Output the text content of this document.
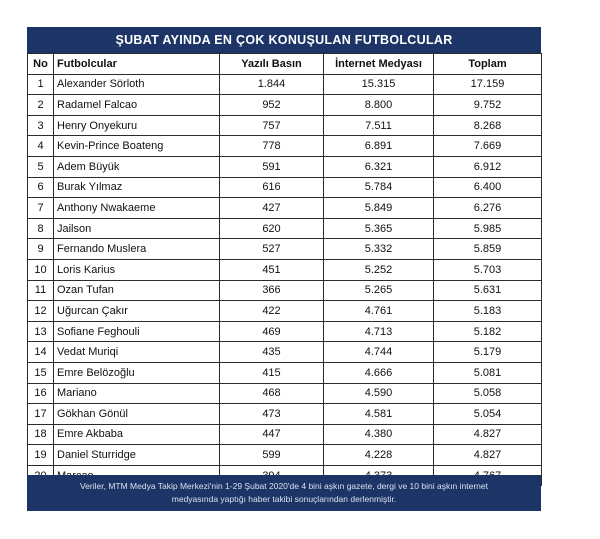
ŞUBAT AYINDA EN ÇOK KONUŞULAN FUTBOLCULAR
No	Futbolcular	Yazılı Basın	İnternet Medyası	Toplam
1	Alexander Sörloth	1.844	15.315	17.159
2	Radamel Falcao	952	8.800	9.752
3	Henry Onyekuru	757	7.511	8.268
4	Kevin-Prince Boateng	778	6.891	7.669
5	Adem Büyük	591	6.321	6.912
6	Burak Yılmaz	616	5.784	6.400
7	Anthony Nwakaeme	427	5.849	6.276
8	Jailson	620	5.365	5.985
9	Fernando Muslera	527	5.332	5.859
10	Loris Karius	451	5.252	5.703
11	Ozan Tufan	366	5.265	5.631
12	Uğurcan Çakır	422	4.761	5.183
13	Sofiane Feghouli	469	4.713	5.182
14	Vedat Muriqi	435	4.744	5.179
15	Emre Belözoğlu	415	4.666	5.081
16	Mariano	468	4.590	5.058
17	Gökhan Gönül	473	4.581	5.054
18	Emre Akbaba	447	4.380	4.827
19	Daniel Sturridge	599	4.228	4.827

Veriler, MTM Medya Takip Merkezi'nin 1-29 Şubat 2020'de 4 bini aşkın gazete, dergi ve 10 bini aşkın internet
medyasında yaptığı haber takibi sonuçlarından derlenmiştir.
